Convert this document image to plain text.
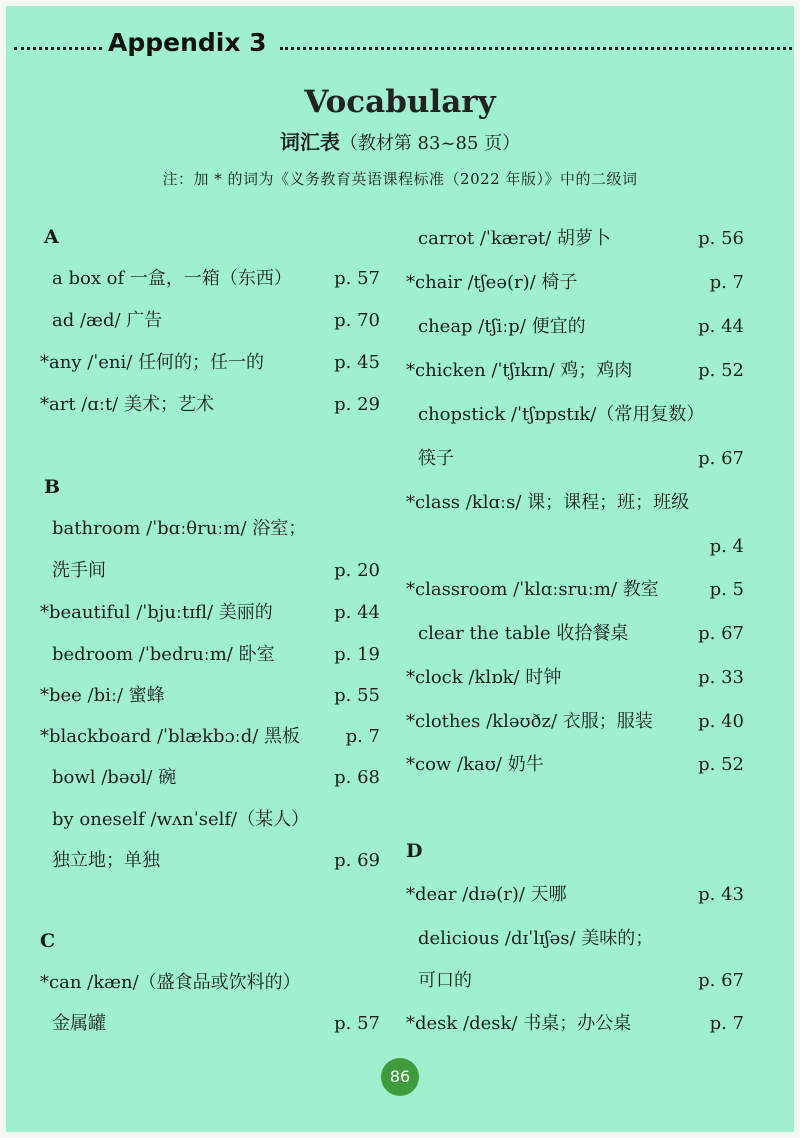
Appendix 3
Vocabulary
词汇表（教材第 83~85 页）
注：加 * 的词为《义务教育英语课程标准（2022 年版）》中的二级词
A
a box of 一盒，一箱（东西） p. 57
ad /æd/ 广告	p. 70
*any /ˈeni/ 任何的；任一的	p. 45
*art /ɑːt/ 美术；艺术	p. 29
B
bathroom /ˈbɑːθruːm/ 浴室；
洗手间	p. 20
*beautiful /ˈbjuːtɪfl/ 美丽的	p. 44
bedroom /ˈbedruːm/ 卧室	p. 19
*bee /biː/ 蜜蜂	p. 55
*blackboard /ˈblækbɔːd/ 黑板	p. 7
bowl /bəʊl/ 碗	p. 68
by oneself /wʌnˈself/（某人）
独立地；单独	p. 69
C
*can /kæn/（盛食品或饮料的）
金属罐	p. 57
carrot /ˈkærət/ 胡萝卜	p. 56
*chair /tʃeə(r)/ 椅子	p. 7
cheap /tʃiːp/ 便宜的	p. 44
*chicken /ˈtʃɪkɪn/ 鸡；鸡肉	p. 52
chopstick /ˈtʃɒpstɪk/（常用复数）
筷子	p. 67
*class /klɑːs/ 课；课程；班；班级
p. 4
*classroom /ˈklɑːsruːm/ 教室	p. 5
clear the table 收拾餐桌	p. 67
*clock /klɒk/ 时钟	p. 33
*clothes /kləʊðz/ 衣服；服装	p. 40
*cow /kaʊ/ 奶牛	p. 52
D
*dear /dɪə(r)/ 天哪	p. 43
delicious /dɪˈlɪʃəs/ 美味的；
可口的	p. 67
*desk /desk/ 书桌；办公桌	p. 7
86
